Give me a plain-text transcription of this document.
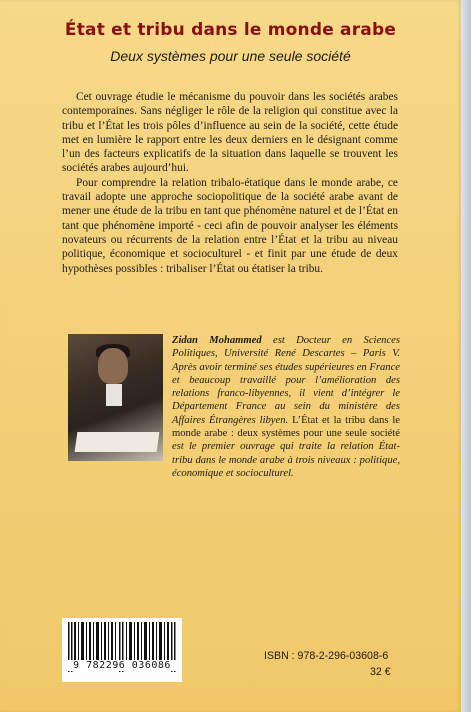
État et tribu dans le monde arabe
Deux systèmes pour une seule société

Cet ouvrage étudie le mécanisme du pouvoir dans les sociétés arabes contemporaines. Sans négliger le rôle de la religion qui constitue avec la tribu et l’État les trois pôles d’influence au sein de la société, cette étude met en lumière le rapport entre les deux derniers en le désignant comme l’un des facteurs explicatifs de la situation dans laquelle se trouvent les sociétés arabes aujourd’hui.

Pour comprendre la relation tribalo-étatique dans le monde arabe, ce travail adopte une approche sociopolitique de la société arabe avant de mener une étude de la tribu en tant que phénomène naturel et de l’État en tant que phénomène importé - ceci afin de pouvoir analyser les éléments novateurs ou récurrents de la relation entre l’État et la tribu au niveau politique, économique et socioculturel - et finit par une étude de deux hypothèses possibles : tribaliser l’État ou étatiser la tribu.

Zidan Mohammed est Docteur en Sciences Politiques, Université René Descartes – Paris V. Après avoir terminé ses études supérieures en France et beaucoup travaillé pour l’amélioration des relations franco-libyennes, il vient d’intégrer le Département France au sein du ministère des Affaires Étrangères libyen. L’État et la tribu dans le monde arabe : deux systèmes pour une seule société est le premier ouvrage qui traite la relation État-tribu dans le monde arabe à trois niveaux : politique, économique et socioculturel.
9 782296 036086
ISBN : 978-2-296-03608-6
32 €
